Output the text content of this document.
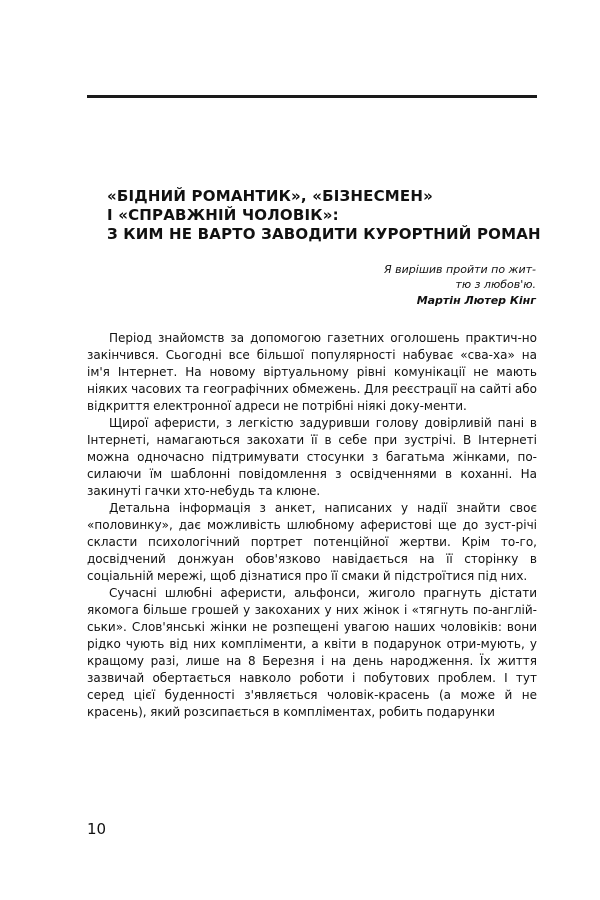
«БІДНИЙ РОМАНТИК», «БІЗНЕСМЕН»
І «СПРАВЖНІЙ ЧОЛОВІК»:
З КИМ НЕ ВАРТО ЗАВОДИТИ КУРОРТНИЙ РОМАН
Я вирішив пройти по жит-
тю з любов'ю.
Мартін Лютер Кінг

Період знайомств за допомогою газетних оголошень практич-но закінчився. Сьогодні все більшої популярності набуває «сва-ха» на ім'я Інтернет. На новому віртуальному рівні комунікації не мають ніяких часових та географічних обмежень. Для реєстрації на сайті або відкриття електронної адреси не потрібні ніякі доку-менти.

Щирої аферисти, з легкістю задуривши голову довірливій пані в Інтернеті, намагаються закохати її в себе при зустрічі. В Інтернеті можна одночасно підтримувати стосунки з багатьма жінками, по-силаючи їм шаблонні повідомлення з освідченнями в коханні. На закинуті гачки хто-небудь та клюне.

Детальна інформація з анкет, написаних у надії знайти своє «половинку», дає можливість шлюбному аферистові ще до зуст-річі скласти психологічний портрет потенційної жертви. Крім то-го, досвідчений донжуан обов'язково навідається на її сторінку в соціальній мережі, щоб дізнатися про її смаки й підстроїтися під них.

Сучасні шлюбні аферисти, альфонси, жиголо прагнуть дістати якомога більше грошей у закоханих у них жінок і «тягнуть по-англій-ськи». Слов'янські жінки не розпещені увагою наших чоловіків: вони рідко чують від них компліменти, а квіти в подарунок отри-мують, у кращому разі, лише на 8 Березня і на день народження. Їх життя зазвичай обертається навколо роботи і побутових проблем. І тут серед цієї буденності з'являється чоловік-красень (а може й не красень), який розсипається в компліментах, робить подарунки

10
